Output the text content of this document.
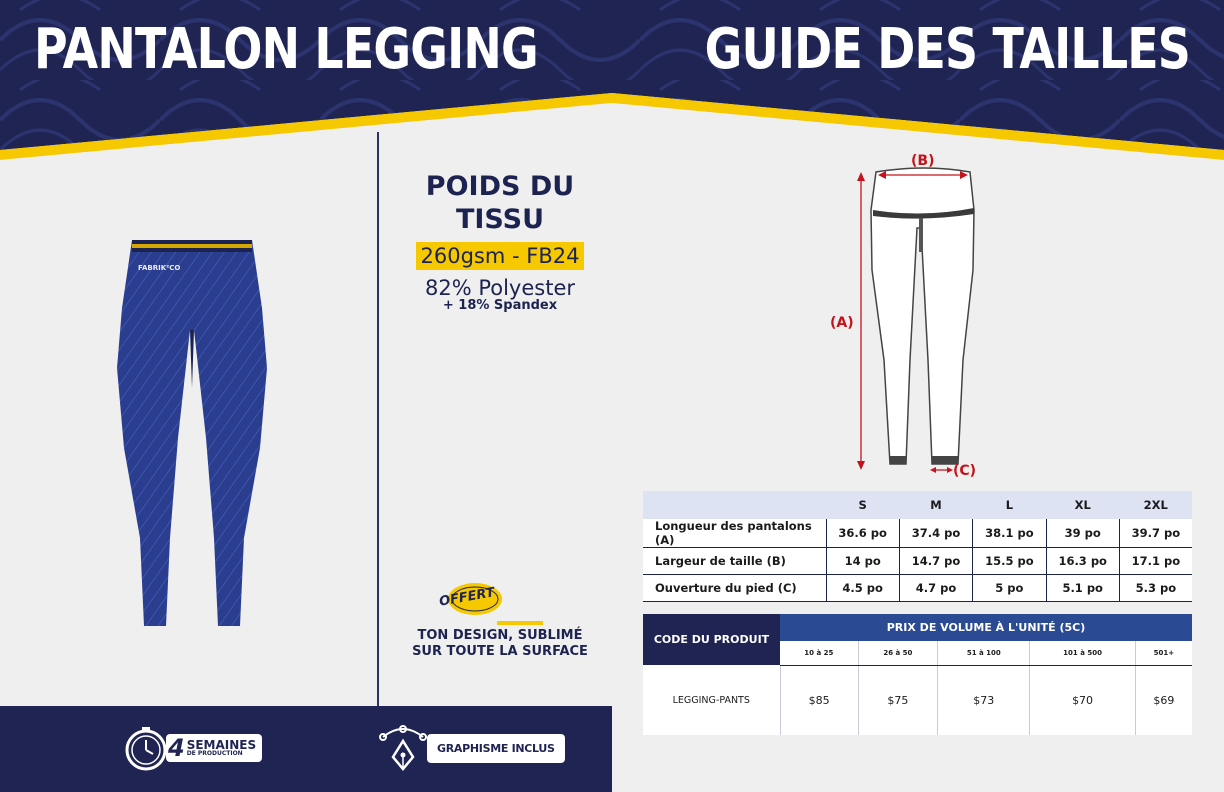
PANTALON LEGGING	GUIDE DES TAILLES
FABRIK²CO
POIDS DU
TISSU
260gsm - FB24
82% Polyester
+ 18% Spandex
OFFERT
TON DESIGN, SUBLIMÉ
SUR TOUTE LA SURFACE
4 SEMAINES
DE PRODUCTION	GRAPHISME INCLUS
(B)
(A)
(C)
	S	M	L	XL	2XL
Longueur des pantalons (A)	36.6 po	37.4 po	38.1 po	39 po	39.7 po
Largeur de taille (B)	14 po	14.7 po	15.5 po	16.3 po	17.1 po
Ouverture du pied (C)	4.5 po	4.7 po	5 po	5.1 po	5.3 po
CODE DU PRODUIT	PRIX DE VOLUME À L'UNITÉ (5C)				
	10 à 25	26 à 50	51 à 100	101 à 500	501+
LEGGING-PANTS	$85	$75	$73	$70	$69
